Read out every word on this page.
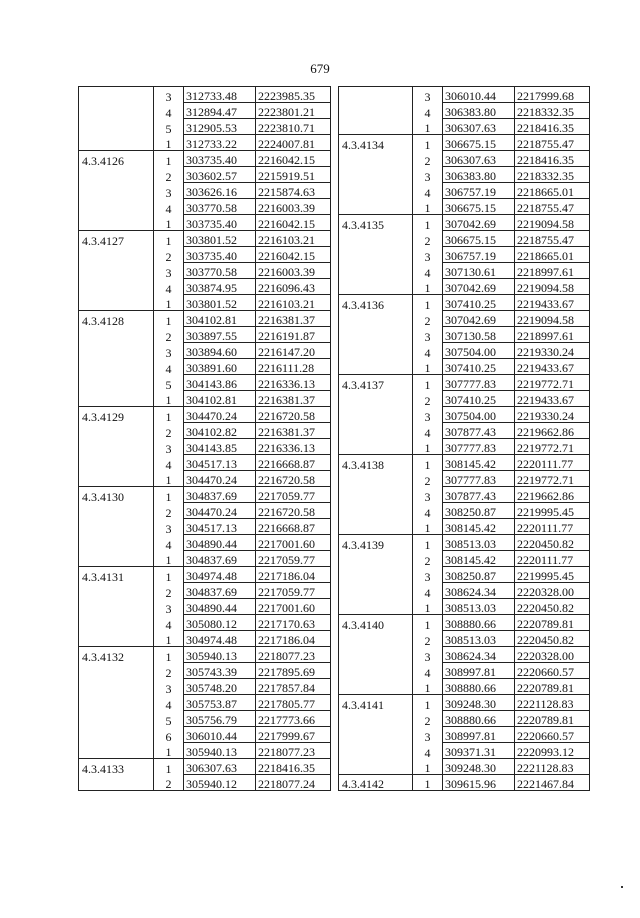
679
	3	312733.48	2223985.35
	4	312894.47	2223801.21
	5	312905.53	2223810.71
	1	312733.22	2224007.81
4.3.4126	1	303735.40	2216042.15
	2	303602.57	2215919.51
	3	303626.16	2215874.63
	4	303770.58	2216003.39
	1	303735.40	2216042.15
4.3.4127	1	303801.52	2216103.21
	2	303735.40	2216042.15
	3	303770.58	2216003.39
	4	303874.95	2216096.43
	1	303801.52	2216103.21
4.3.4128	1	304102.81	2216381.37
	2	303897.55	2216191.87
	3	303894.60	2216147.20
	4	303891.60	2216111.28
	5	304143.86	2216336.13
	1	304102.81	2216381.37
4.3.4129	1	304470.24	2216720.58
	2	304102.82	2216381.37
	3	304143.85	2216336.13
	4	304517.13	2216668.87
	1	304470.24	2216720.58
4.3.4130	1	304837.69	2217059.77
	2	304470.24	2216720.58
	3	304517.13	2216668.87
	4	304890.44	2217001.60
	1	304837.69	2217059.77
4.3.4131	1	304974.48	2217186.04
	2	304837.69	2217059.77
	3	304890.44	2217001.60
	4	305080.12	2217170.63
	1	304974.48	2217186.04
4.3.4132	1	305940.13	2218077.23
	2	305743.39	2217895.69
	3	305748.20	2217857.84
	4	305753.87	2217805.77
	5	305756.79	2217773.66
	6	306010.44	2217999.67
	1	305940.13	2218077.23
4.3.4133	1	306307.63	2218416.35
	2	305940.12	2218077.24
	3	306010.44	2217999.68
	4	306383.80	2218332.35
	1	306307.63	2218416.35
4.3.4134	1	306675.15	2218755.47
	2	306307.63	2218416.35
	3	306383.80	2218332.35
	4	306757.19	2218665.01
	1	306675.15	2218755.47
4.3.4135	1	307042.69	2219094.58
	2	306675.15	2218755.47
	3	306757.19	2218665.01
	4	307130.61	2218997.61
	1	307042.69	2219094.58
4.3.4136	1	307410.25	2219433.67
	2	307042.69	2219094.58
	3	307130.58	2218997.61
	4	307504.00	2219330.24
	1	307410.25	2219433.67
4.3.4137	1	307777.83	2219772.71
	2	307410.25	2219433.67
	3	307504.00	2219330.24
	4	307877.43	2219662.86
	1	307777.83	2219772.71
4.3.4138	1	308145.42	2220111.77
	2	307777.83	2219772.71
	3	307877.43	2219662.86
	4	308250.87	2219995.45
	1	308145.42	2220111.77
4.3.4139	1	308513.03	2220450.82
	2	308145.42	2220111.77
	3	308250.87	2219995.45
	4	308624.34	2220328.00
	1	308513.03	2220450.82
4.3.4140	1	308880.66	2220789.81
	2	308513.03	2220450.82
	3	308624.34	2220328.00
	4	308997.81	2220660.57
	1	308880.66	2220789.81
4.3.4141	1	309248.30	2221128.83
	2	308880.66	2220789.81
	3	308997.81	2220660.57
	4	309371.31	2220993.12
	1	309248.30	2221128.83
4.3.4142	1	309615.96	2221467.84
